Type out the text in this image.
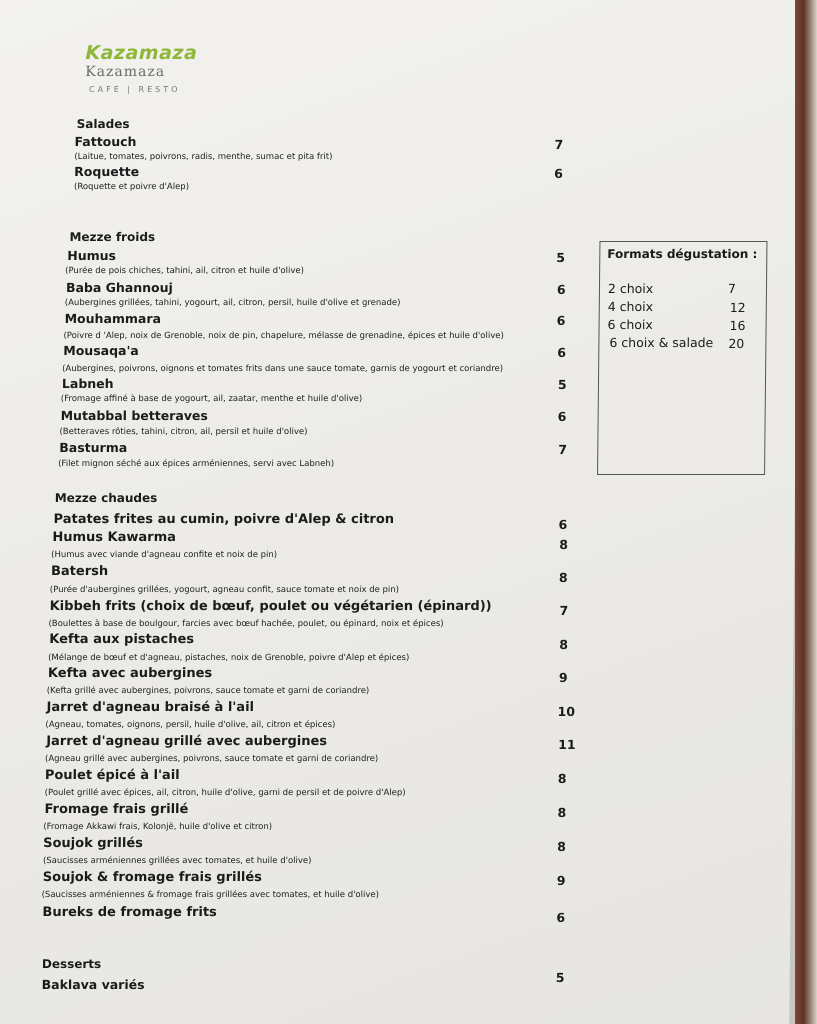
Kazamaza
Kazamaza
CAFE | RESTO
Salades
Fattouch
(Laitue, tomates, poivrons, radis, menthe, sumac et pita frit)
7
Roquette
(Roquette et poivre d'Alep)
6
Mezze froids
Humus
(Purée de pois chiches, tahini, ail, citron et huile d'olive)
5
Baba Ghannouj
(Aubergines grillées, tahini, yogourt, ail, citron, persil, huile d'olive et grenade)
6
Mouhammara
(Poivre d 'Alep, noix de Grenoble, noix de pin, chapelure, mélasse de grenadine, épices et huile d'olive)
6
Mousaqa'a
(Aubergines, poivrons, oignons et tomates frits dans une sauce tomate, garnis de yogourt et coriandre)
6
Labneh
(Fromage affiné à base de yogourt, ail, zaatar, menthe et huile d'olive)
5
Mutabbal betteraves
(Betteraves rôties, tahini, citron, ail, persil et huile d'olive)
6
Basturma
(Filet mignon séché aux épices arméniennes, servi avec Labneh)
7
Formats dégustation :
2 choix	7
4 choix	12
6 choix	16
6 choix & salade 20
Mezze chaudes
Patates frites au cumin, poivre d'Alep & citron	6
Humus Kawarma
(Humus avec viande d'agneau confite et noix de pin)
8
Batersh
(Purée d'aubergines grillées, yogourt, agneau confit, sauce tomate et noix de pin)
8
Kibbeh frits (choix de bœuf, poulet ou végétarien (épinard))
(Boulettes à base de boulgour, farcies avec bœuf hachée, poulet, ou épinard, noix et épices)
7
Kefta aux pistaches
(Mélange de bœuf et d'agneau, pistaches, noix de Grenoble, poivre d'Alep et épices)
8
Kefta avec aubergines
(Kefta grillé avec aubergines, poivrons, sauce tomate et garni de coriandre)
9
Jarret d'agneau braisé à l'ail
(Agneau, tomates, oignons, persil, huile d'olive, ail, citron et épices)
10
Jarret d'agneau grillé avec aubergines
(Agneau grillé avec aubergines, poivrons, sauce tomate et garni de coriandre)
11
Poulet épicé à l'ail
(Poulet grillé avec épices, ail, citron, huile d'olive, garni de persil et de poivre d'Alep)
8
Fromage frais grillé
(Fromage Akkawi frais, Kolonjë, huile d'olive et citron)
8
Soujok grillés
(Saucisses arméniennes grillées avec tomates, et huile d'olive)
8
Soujok & fromage frais grillés
(Saucisses arméniennes & fromage frais grillées avec tomates, et huile d'olive)
9
Bureks de fromage frits	6
Desserts
Baklava variés	5
